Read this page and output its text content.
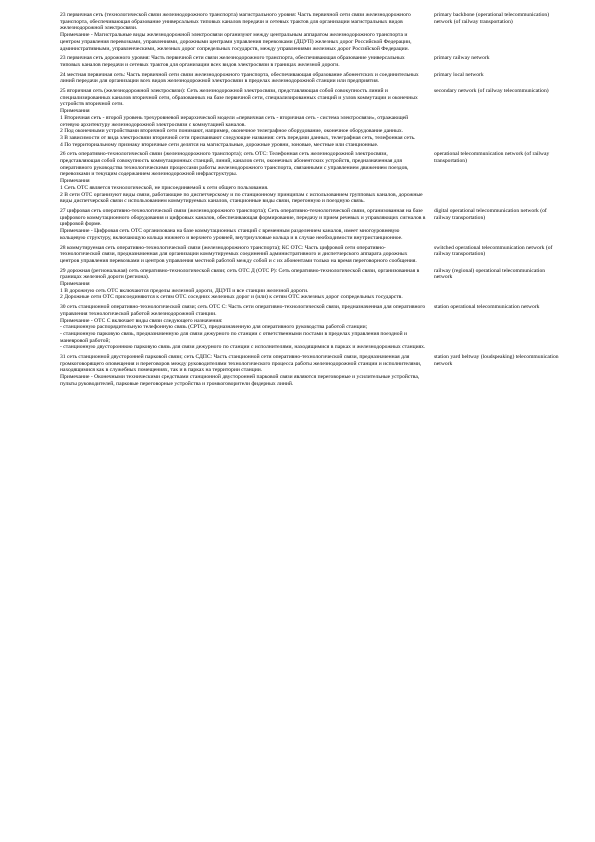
23 первичная сеть (технологической связи железнодорожного транспорта) магистрального уровня: Часть первичной сети связи железнодорожного транспорта, обеспечивающая образование универсальных типовых каналов передачи и сетевых трактов для организации магистральных видов железнодорожной электросвязи.
Примечание - Магистральные виды железнодорожной электросвязи организуют между центральным аппаратом железнодорожного транспорта и центром управления перевозками, управлениями, дорожными центрами управления перевозками (ДЦУП) железных дорог Российской Федерации, административными, управленческими, железных дорог сопредельных государств, между управлениями железных дорог Российской Федерации.
primary backbone (operational telecommunication) network (of railway transportation)
23 первичная сеть дорожного уровня: Часть первичной сети связи железнодорожного транспорта, обеспечивающая образование универсальных типовых каналов передачи и сетевых трактов для организации всех видов электросвязи в границах железной дороги.
primary railway network
24 местная первичная сеть: Часть первичной сети связи железнодорожного транспорта, обеспечивающая образование абонентских и соединительных линий передачи для организации всех видов железнодорожной электросвязи в пределах железнодорожной станции или предприятия.
primary local network
25 вторичная сеть (железнодорожной электросвязи): Сеть железнодорожной электросвязи, представляющая собой совокупность линий и специализированных каналов вторичной сети, образованных на базе первичной сети, специализированных станций и узлов коммутации и оконечных устройств вторичной сети.
Примечания
1 Вторичная сеть - второй уровень трехуровневой иерархической модели «первичная сеть - вторичная сеть - система электросвязи», отражающей сетевую архитектуру железнодорожной электросвязи с коммутацией каналов.
2 Под оконечными устройствами вторичной сети понимают, например, оконечное телеграфное оборудование, оконечное оборудование данных.
3 В зависимости от вида электросвязи вторичной сети присваивают следующие названия: сеть передачи данных, телеграфная сеть, телефонная сеть.
4 По территориальному признаку вторичные сети делятся на магистральные, дорожные уровни, зоновые, местные или станционные.
secondary network (of railway telecommunication)
26 сеть оперативно-технологической связи (железнодорожного транспорта); сеть ОТС: Телефонная сеть железнодорожной электросвязи, представляющая собой совокупность коммутационных станций, линий, каналов сети, оконечных абонентских устройств, предназначенная для оперативного руководства технологическими процессами работы железнодорожного транспорта, связанными с управлением движением поездов, перевозками и текущим содержанием железнодорожной инфраструктуры.
Примечания
1 Сеть ОТС является технологической, не присоединяемой к сети общего пользования.
2 В сети ОТС организуют виды связи, работающие по диспетчерскому и по станционному принципам с использованием групповых каналов, дорожные виды диспетчерской связи с использованием коммутируемых каналов, станционные виды связи, перегонную и поездную связь.
operational telecommunication network (of railway transportation)
27 цифровая сеть оперативно-технологической связи (железнодорожного транспорта); Сеть оперативно-технологической связи, организованная на базе цифрового коммутационного оборудования и цифровых каналов, обеспечивающая формирование, передачу и прием речевых и управляющих сигналов в цифровой форме.
Примечание - Цифровая сеть ОТС организована на базе коммутационных станций с временным разделением каналов, имеет многоуровневую кольцевую структуру, включающую кольца нижнего и верхнего уровней, внутриузловые кольца и в случае необходимости внутристанционное.
digital operational telecommunication network (of railway transportation)
28 коммутируемая сеть оперативно-технологической связи (железнодорожного транспорта); КС ОТС: Часть цифровой сети оперативно-технологической связи, предназначенная для организации коммутируемых соединений административного и диспетчерского аппарата дорожных центров управления перевозками и центров управления местной работой между собой и с их абонентами только на время переговорного сообщения.
switched operational telecommunication network (of railway transportation)
29 дорожная (региональная) сеть оперативно-технологической связи; сеть ОТС Д (ОТС Р): Сеть оперативно-технологической связи, организованная в границах железной дороги (региона).
Примечания
1 В дорожную сеть ОТС включаются пределы железной дороги, ДЦУП и все станции железной дороги.
2 Дорожные сети ОТС присоединяются к сетям ОТС соседних железных дорог и (или) к сетям ОТС железных дорог сопредельных государств.
railway (regional) operational telecommunication network
30 сеть станционной оперативно-технологической связи; сеть ОТС С: Часть сети оперативно-технологической связи, предназначенная для оперативного управления технологической работой железнодорожной станции.
Примечание - ОТС С включает виды связи следующего назначения:
- станционную распорядительную телефонную связь (СРТС), предназначенную для оперативного руководства работой станции;
- станционную парковую связь, предназначенную для связи дежурного по станции с ответственными постами в пределах управления поездной и маневровой работой;
- станционную двустороннюю парковую связь для связи дежурного по станции с исполнителями, находящимися в парках и железнодорожных станциях.
station operational telecommunication network
31 сеть станционной двусторонней парковой связи; сеть СДПС: Часть станционной сети оперативно-технологической связи, предназначенная для громкоговорящего оповещения и переговоров между руководителями технологического процесса работы железнодорожной станции и исполнителями, находящимися как в служебных помещениях, так и в парках на территории станции.
Примечание - Оконечными техническими средствами станционной двусторонней парковой связи являются переговорные и усилительные устройства, пульты руководителей, парковые переговорные устройства и громкоговорители фидерных линий.
station yard beltway (loudspeaking) telecommunication network
